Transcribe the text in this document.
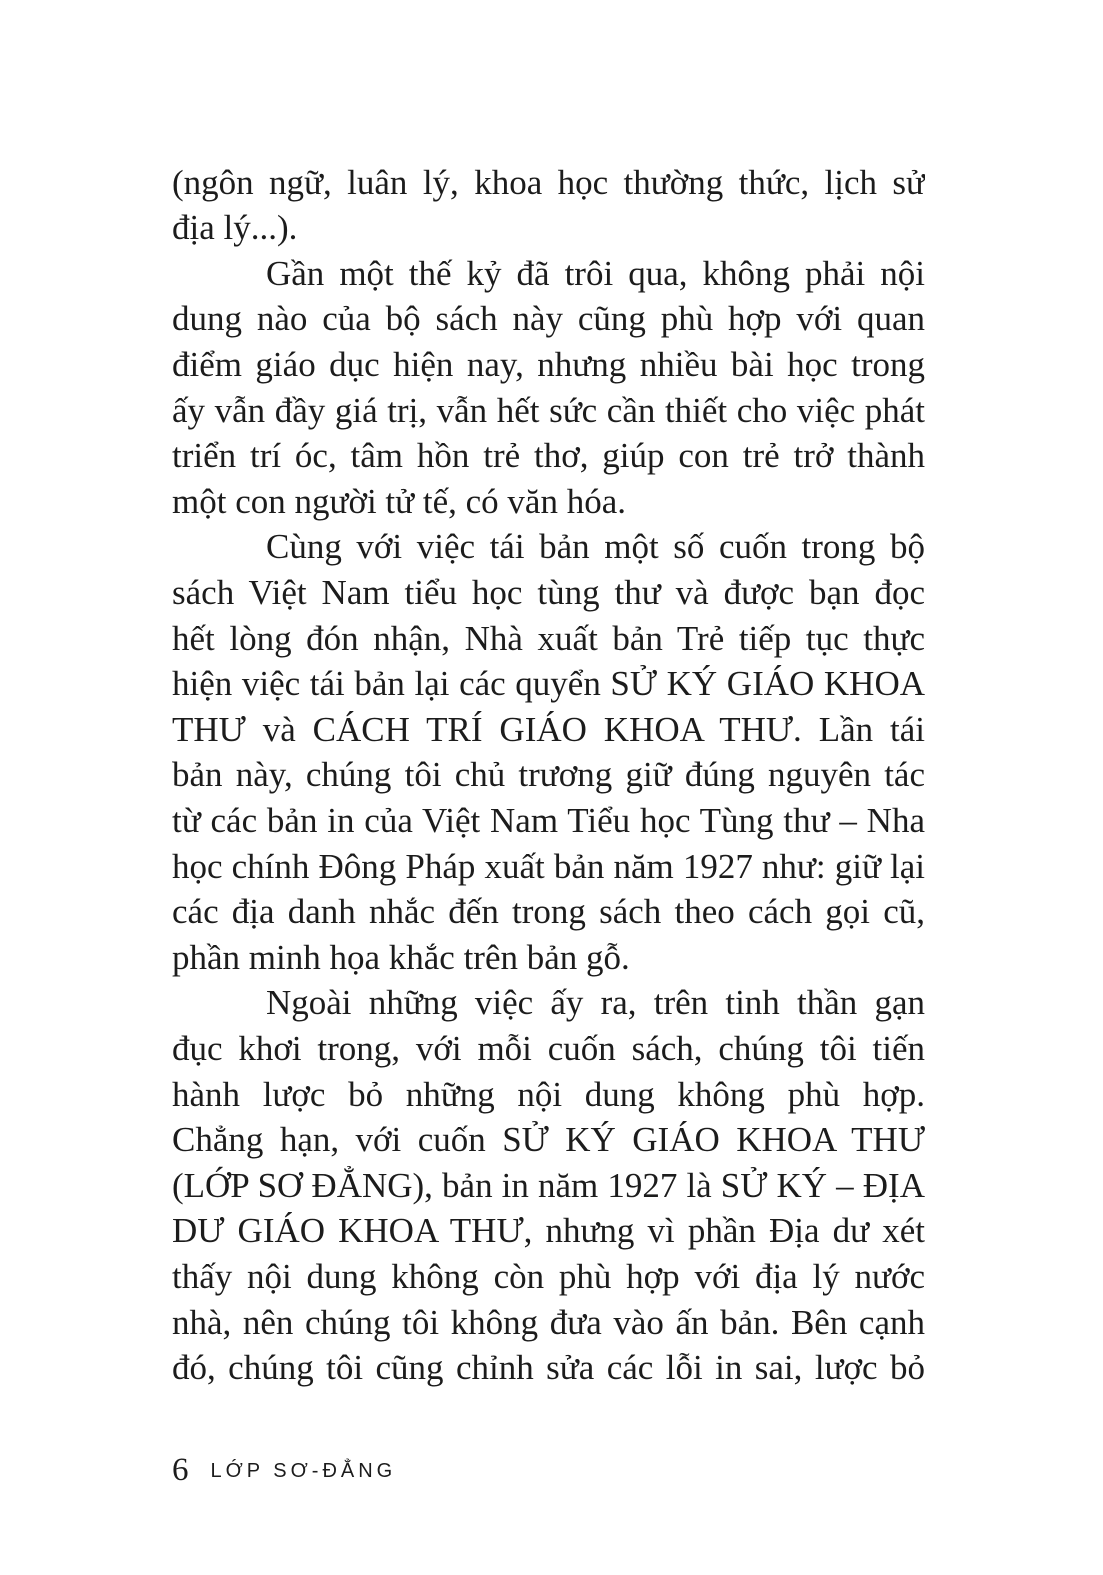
(ngôn ngữ, luân lý, khoa học thường thức, lịch sử
địa lý...).
Gần một thế kỷ đã trôi qua, không phải nội
dung nào của bộ sách này cũng phù hợp với quan
điểm giáo dục hiện nay, nhưng nhiều bài học trong
ấy vẫn đầy giá trị, vẫn hết sức cần thiết cho việc phát
triển trí óc, tâm hồn trẻ thơ, giúp con trẻ trở thành
một con người tử tế, có văn hóa.
Cùng với việc tái bản một số cuốn trong bộ
sách Việt Nam tiểu học tùng thư và được bạn đọc
hết lòng đón nhận, Nhà xuất bản Trẻ tiếp tục thực
hiện việc tái bản lại các quyển SỬ KÝ GIÁO KHOA
THƯ và CÁCH TRÍ GIÁO KHOA THƯ. Lần tái
bản này, chúng tôi chủ trương giữ đúng nguyên tác
từ các bản in của Việt Nam Tiểu học Tùng thư – Nha
học chính Đông Pháp xuất bản năm 1927 như: giữ lại
các địa danh nhắc đến trong sách theo cách gọi cũ,
phần minh họa khắc trên bản gỗ.
Ngoài những việc ấy ra, trên tinh thần gạn
đục khơi trong, với mỗi cuốn sách, chúng tôi tiến
hành lược bỏ những nội dung không phù hợp.
Chẳng hạn, với cuốn SỬ KÝ GIÁO KHOA THƯ
(LỚP SƠ ĐẲNG), bản in năm 1927 là SỬ KÝ – ĐỊA
DƯ GIÁO KHOA THƯ, nhưng vì phần Địa dư xét
thấy nội dung không còn phù hợp với địa lý nước
nhà, nên chúng tôi không đưa vào ấn bản. Bên cạnh
đó, chúng tôi cũng chỉnh sửa các lỗi in sai, lược bỏ
6 LỚP SƠ-ĐẲNG
